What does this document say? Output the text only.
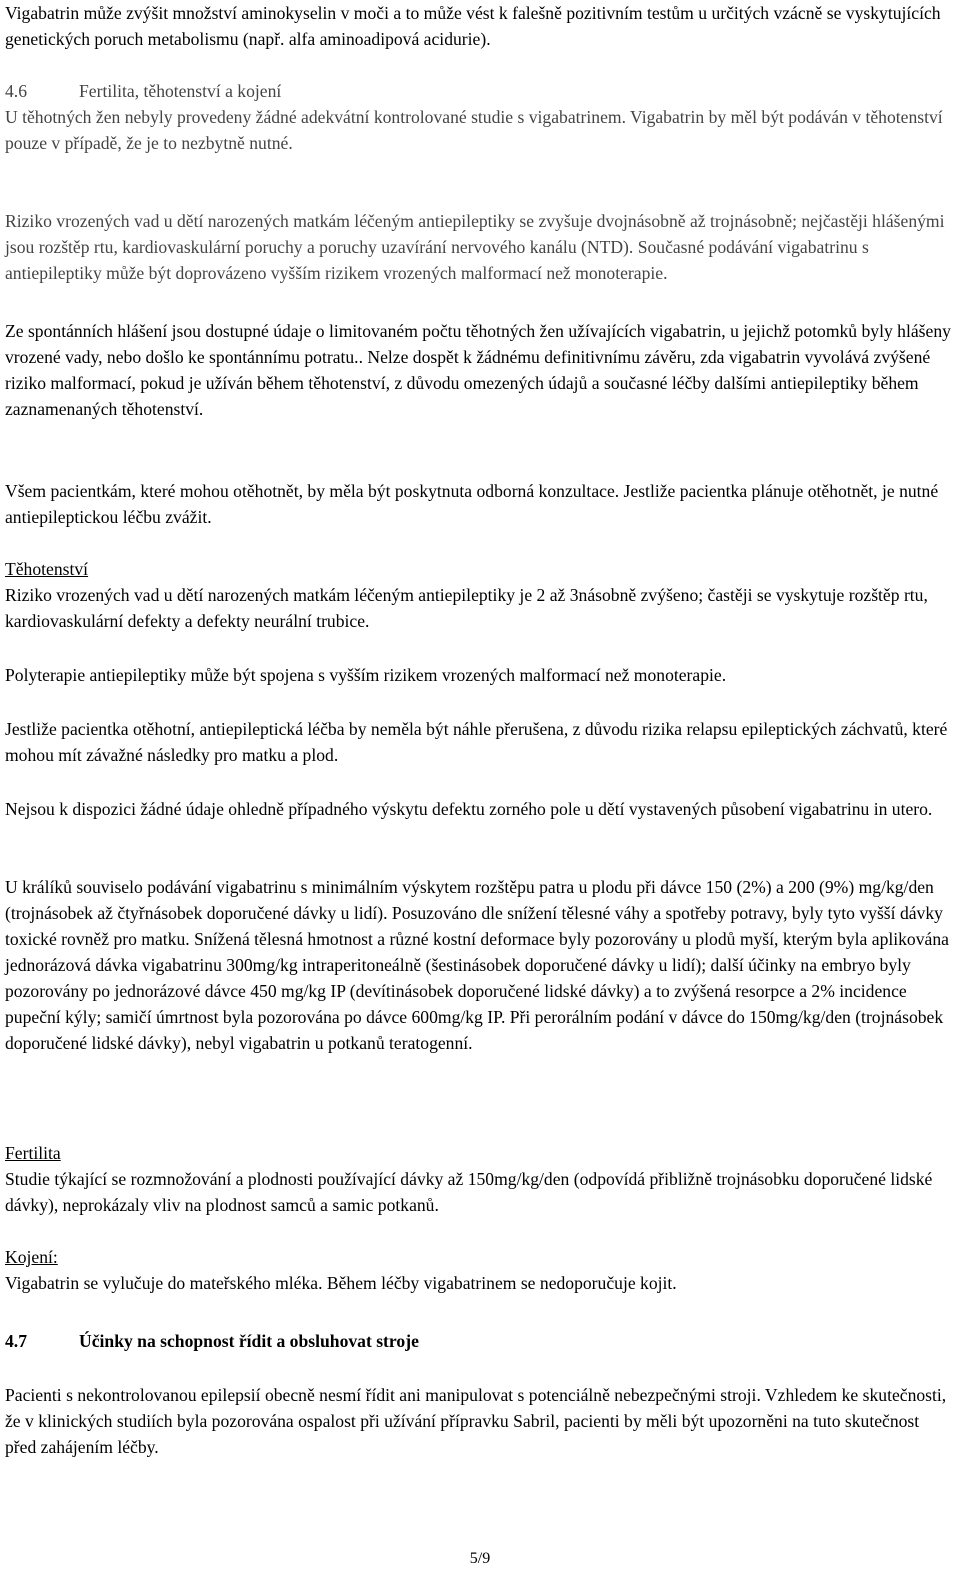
Vigabatrin může zvýšit množství aminokyselin v moči a to může vést k falešně pozitivním testům u určitých vzácně se vyskytujících genetických poruch metabolismu (např. alfa aminoadipová acidurie).

4.6	Fertilita, těhotenství a kojení

U těhotných žen nebyly provedeny žádné adekvátní kontrolované studie s vigabatrinem. Vigabatrin by měl být podáván v těhotenství pouze v případě, že je to nezbytně nutné.

Riziko vrozených vad u dětí narozených matkám léčeným antiepileptiky se zvyšuje dvojnásobně až trojnásobně; nejčastěji hlášenými jsou rozštěp rtu, kardiovaskulární poruchy a poruchy uzavírání nervového kanálu (NTD). Současné podávání vigabatrinu s antiepileptiky může být doprovázeno vyšším rizikem vrozených malformací než monoterapie.

Ze spontánních hlášení jsou dostupné údaje o limitovaném počtu těhotných žen užívajících vigabatrin, u jejichž potomků byly hlášeny vrozené vady, nebo došlo ke spontánnímu potratu.. Nelze dospět k žádnému definitivnímu závěru, zda vigabatrin vyvolává zvýšené riziko malformací, pokud je užíván během těhotenství, z důvodu omezených údajů a současné léčby dalšími antiepileptiky během zaznamenaných těhotenství.

Všem pacientkám, které mohou otěhotnět, by měla být poskytnuta odborná konzultace. Jestliže pacientka plánuje otěhotnět, je nutné antiepileptickou léčbu zvážit.

Těhotenství

Riziko vrozených vad u dětí narozených matkám léčeným antiepileptiky je 2 až 3násobně zvýšeno; častěji se vyskytuje rozštěp rtu, kardiovaskulární defekty a defekty neurální trubice.

Polyterapie antiepileptiky může být spojena s vyšším rizikem vrozených malformací než monoterapie.

Jestliže pacientka otěhotní, antiepileptická léčba by neměla být náhle přerušena, z důvodu rizika relapsu epileptických záchvatů, které mohou mít závažné následky pro matku a plod.

Nejsou k dispozici žádné údaje ohledně případného výskytu defektu zorného pole u dětí vystavených působení vigabatrinu in utero.

U králíků souviselo podávání vigabatrinu s minimálním výskytem rozštěpu patra u plodu při dávce 150 (2%) a 200 (9%) mg/kg/den (trojnásobek až čtyřnásobek doporučené dávky u lidí). Posuzováno dle snížení tělesné váhy a spotřeby potravy, byly tyto vyšší dávky toxické rovněž pro matku. Snížená tělesná hmotnost a různé kostní deformace byly pozorovány u plodů myší, kterým byla aplikována jednorázová dávka vigabatrinu 300mg/kg intraperitoneálně (šestinásobek doporučené dávky u lidí); další účinky na embryo byly pozorovány po jednorázové dávce 450 mg/kg IP (devítinásobek doporučené lidské dávky) a to zvýšená resorpce a 2% incidence pupeční kýly; samičí úmrtnost byla pozorována po dávce 600mg/kg IP. Při perorálním podání v dávce do 150mg/kg/den (trojnásobek doporučené lidské dávky), nebyl vigabatrin u potkanů teratogenní.

Fertilita

Studie týkající se rozmnožování a plodnosti používající dávky až 150mg/kg/den (odpovídá přibližně trojnásobku doporučené lidské dávky), neprokázaly vliv na plodnost samců a samic potkanů.

Kojení:

Vigabatrin se vylučuje do mateřského mléka. Během léčby vigabatrinem se nedoporučuje kojit.

4.7	Účinky na schopnost řídit a obsluhovat stroje

Pacienti s nekontrolovanou epilepsií obecně nesmí řídit ani manipulovat s potenciálně nebezpečnými stroji. Vzhledem ke skutečnosti, že v klinických studiích byla pozorována ospalost při užívání přípravku Sabril, pacienti by měli být upozorněni na tuto skutečnost před zahájením léčby.

5/9
